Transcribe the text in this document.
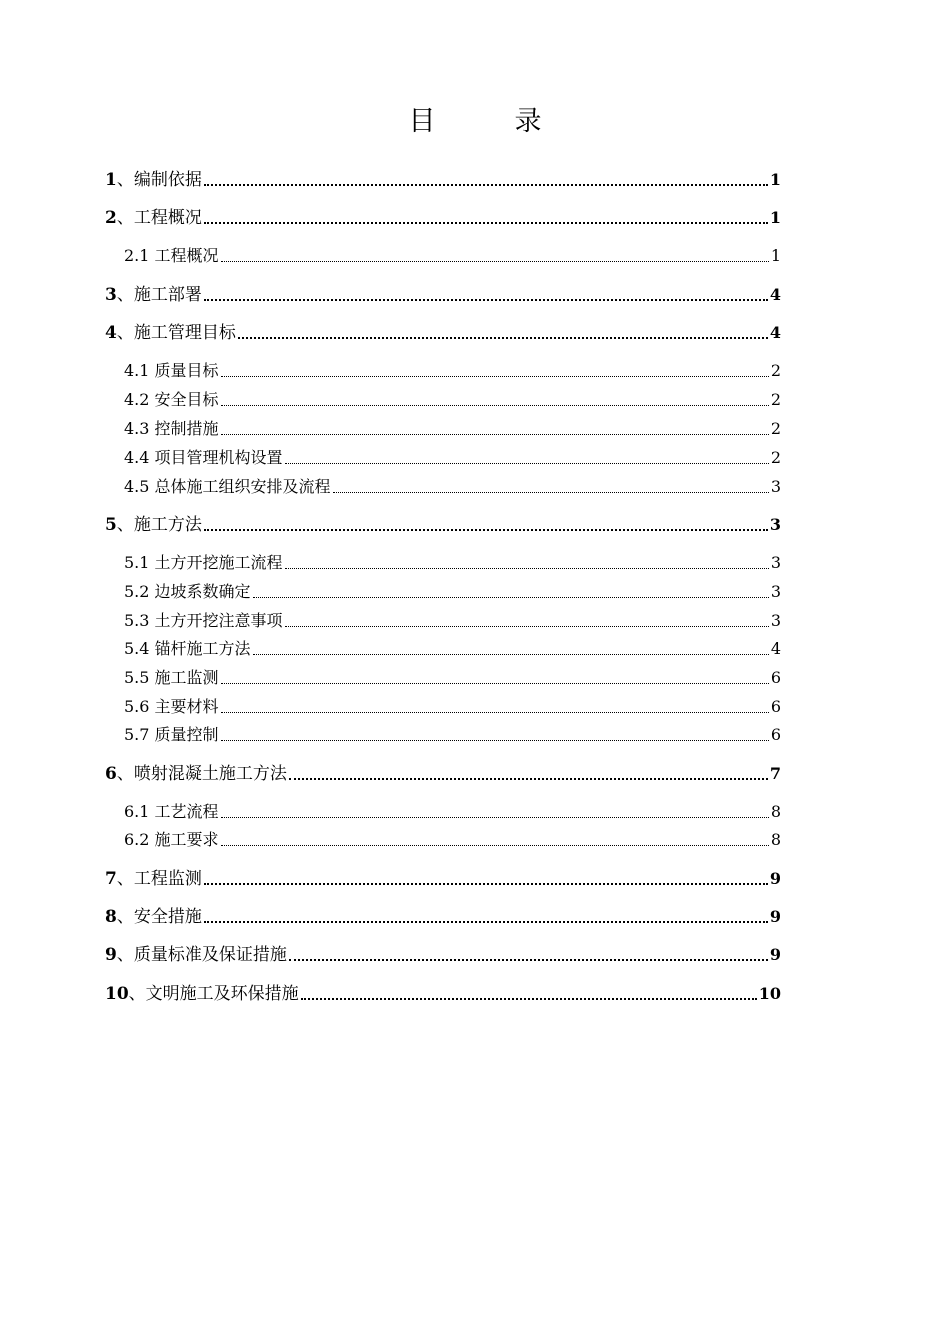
目　录
1、编制依据	1
2、工程概况	1
2.1 工程概况	1
3、施工部署	4
4、施工管理目标	4
4.1 质量目标	2
4.2 安全目标	2
4.3 控制措施	2
4.4 项目管理机构设置	2
4.5 总体施工组织安排及流程	3
5、施工方法	3
5.1 土方开挖施工流程	3
5.2 边坡系数确定	3
5.3 土方开挖注意事项	3
5.4 锚杆施工方法	4
5.5 施工监测	6
5.6 主要材料	6
5.7 质量控制	6
6、喷射混凝土施工方法	7
6.1 工艺流程	8
6.2 施工要求	8
7、工程监测	9
8、安全措施	9
9、质量标准及保证措施	9
10、文明施工及环保措施	10
